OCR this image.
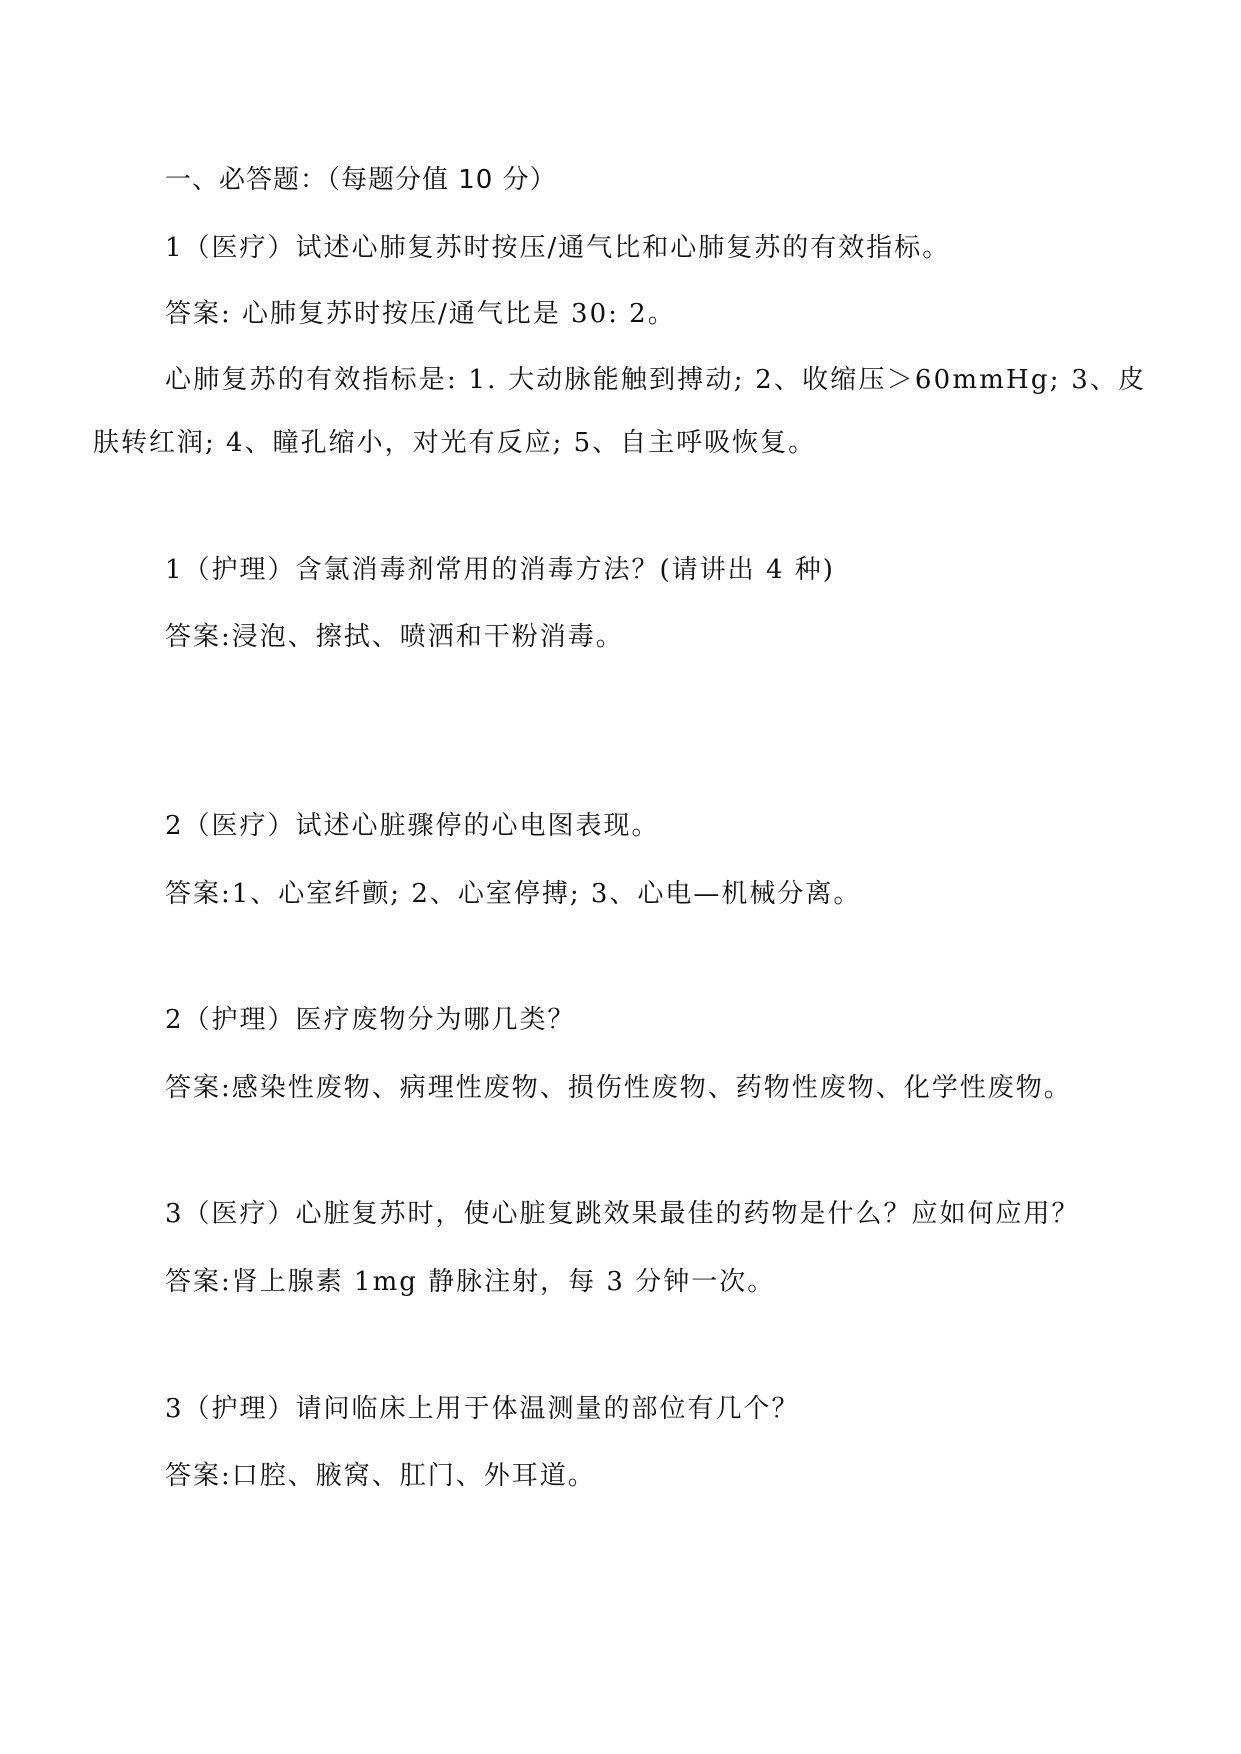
一、必答题：（每题分值 10 分）
1（医疗）试述心肺复苏时按压/通气比和心肺复苏的有效指标。
答案: 心肺复苏时按压/通气比是 30: 2。
心肺复苏的有效指标是: 1. 大动脉能触到搏动; 2、收缩压＞60mmHg; 3、皮
肤转红润; 4、瞳孔缩小，对光有反应; 5、自主呼吸恢复。
1（护理）含氯消毒剂常用的消毒方法？(请讲出 4 种)
答案:浸泡、擦拭、喷洒和干粉消毒。
2（医疗）试述心脏骤停的心电图表现。
答案:1、心室纤颤; 2、心室停搏; 3、心电—机械分离。
2（护理）医疗废物分为哪几类？
答案:感染性废物、病理性废物、损伤性废物、药物性废物、化学性废物。
3（医疗）心脏复苏时，使心脏复跳效果最佳的药物是什么？应如何应用？
答案:肾上腺素 1mg 静脉注射，每 3 分钟一次。
3（护理）请问临床上用于体温测量的部位有几个？
答案:口腔、腋窝、肛门、外耳道。
